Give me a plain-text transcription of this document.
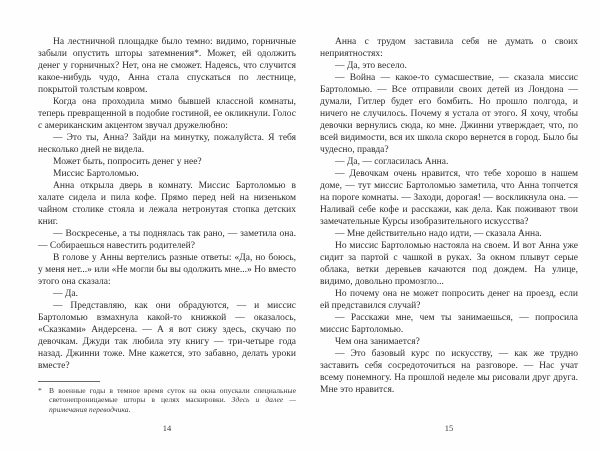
На лестничной площадке было темно: видимо, горничные забыли опустить шторы затемнения*. Может, ей одолжить денег у горничных? Нет, она не сможет. Надеясь, что случится какое-нибудь чудо, Анна стала спускаться по лестнице, покрытой толстым ковром.

Когда она проходила мимо бывшей классной комнаты, теперь превращенной в подобие гостиной, ее окликнули. Голос с американским акцентом звучал дружелюбно:

— Это ты, Анна? Зайди на минутку, пожалуйста. Я тебя несколько дней не видела.

Может быть, попросить денег у нее?

Миссис Бартоломью.

Анна открыла дверь в комнату. Миссис Бартоломью в халате сидела и пила кофе. Прямо перед ней на низеньком чайном столике стояла и лежала нетронутая стопка детских книг.

— Воскресенье, а ты поднялась так рано, — заметила она. — Собираешься навестить родителей?

В голове у Анны вертелись разные ответы: «Да, но боюсь, у меня нет...» или «Не могли бы вы одолжить мне...» Но вместо этого она сказала:

— Да.

— Представляю, как они обрадуются, — и миссис Бартоломью взмахнула какой-то книжкой — оказалось, «Сказками» Андерсена. — А я вот сижу здесь, скучаю по девочкам. Джуди так любила эту книгу — три-четыре года назад. Джинни тоже. Мне кажется, это забавно, делать уроки вместе?

* В военные годы в темное время суток на окна опускали специальные светонепроницаемые шторы в целях маскировки. Здесь и далее — примечания переводчика.

14

Анна с трудом заставила себя не думать о своих неприятностях:

— Да, это весело.

— Война — какое-то сумасшествие, — сказала миссис Бартоломью. — Все отправили своих детей из Лондона — думали, Гитлер будет его бомбить. Но прошло полгода, и ничего не случилось. Почему я устала от этого. Я хочу, чтобы девочки вернулись сюда, ко мне. Джинни утверждает, что, по всей видимости, вся их школа скоро вернется в город. Было бы чудесно, правда?

— Да, — согласилась Анна.

— Девочкам очень нравится, что тебе хорошо в нашем доме, — тут миссис Бартоломью заметила, что Анна топчется на пороге комнаты. — Заходи, дорогая! — воскликнула она. — Наливай себе кофе и расскажи, как дела. Как поживают твои замечательные Курсы изобразительного искусства?

— Мне действительно надо идти, — сказала Анна.

Но миссис Бартоломью настояла на своем. И вот Анна уже сидит за партой с чашкой в руках. За окном плывут серые облака, ветки деревьев качаются под дождем. На улице, видимо, довольно промозгло...

Но почему она не может попросить денег на проезд, если ей представился случай?

— Расскажи мне, чем ты занимаешься, — попросила миссис Бартоломью.

Чем она занимается?

— Это базовый курс по искусству, — как же трудно заставить себя сосредоточиться на разговоре. — Нас учат всему понемногу. На прошлой неделе мы рисовали друг друга. Мне это нравится.

15
